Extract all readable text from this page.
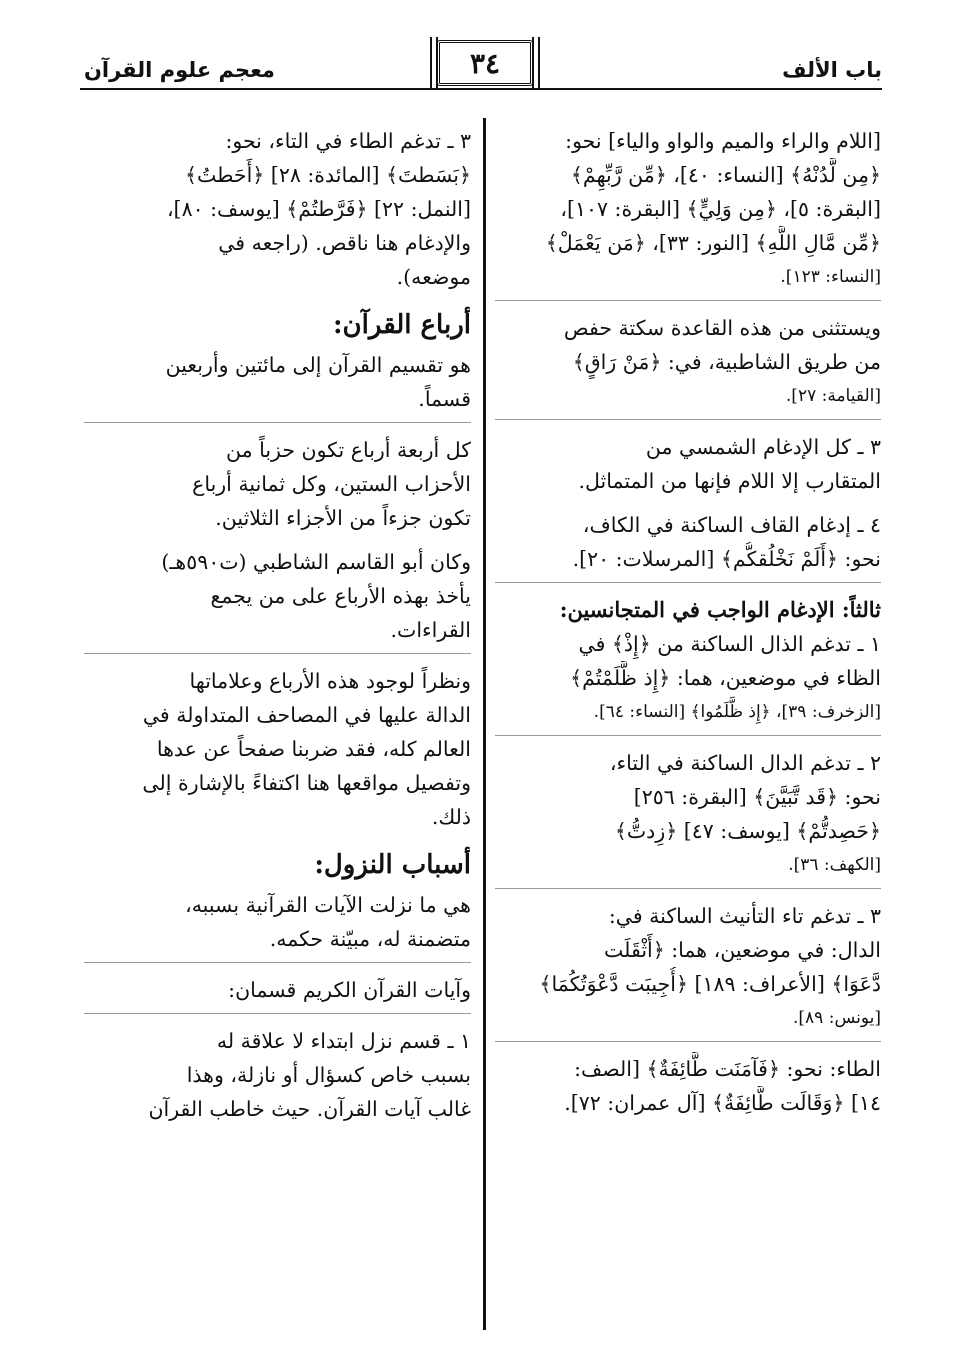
باب الألف
٣٤
معجم علوم القرآن
[اللام والراء والميم والواو والياء] نحو:
﴿مِن لَّدُنْهُ﴾ [النساء: ٤٠]، ﴿مِّن رَّبِّهِمْ﴾
[البقرة: ٥]، ﴿مِن وَلِيٍّ﴾ [البقرة: ١٠٧]،
﴿مِّن مَّالِ اللَّهِ﴾ [النور: ٣٣]، ﴿مَن يَعْمَلْ﴾
[النساء: ١٢٣].
ويستثنى من هذه القاعدة سكتة حفص
من طريق الشاطبية، في: ﴿مَنْ رَاقٍ﴾
[القيامة: ٢٧].
٣ ـ كل الإدغام الشمسي من
المتقارب إلا اللام فإنها من المتماثل.
٤ ـ إدغام القاف الساكنة في الكاف،
نحو: ﴿أَلَمْ نَخْلُقكُّم﴾ [المرسلات: ٢٠].
ثالثاً: الإدغام الواجب في المتجانسين:
١ ـ تدغم الذال الساكنة من ﴿إِذْ﴾ في
الظاء في موضعين، هما: ﴿إِذ ظَّلَمْتُمْ﴾
[الزخرف: ٣٩]، ﴿إِذ ظَّلَمُوا﴾ [النساء: ٦٤].
٢ ـ تدغم الدال الساكنة في التاء،
نحو: ﴿قَد تَّبَيَّنَ﴾ [البقرة: ٢٥٦]
﴿حَصِدتُّمْ﴾ [يوسف: ٤٧] ﴿زِدتُّ﴾
[الكهف: ٣٦].
٣ ـ تدغم تاء التأنيث الساكنة في:
الدال: في موضعين، هما: ﴿أَثْقَلَت
دَّعَوَا﴾ [الأعراف: ١٨٩] ﴿أُجِيبَت دَّعْوَتُكُمَا﴾
[يونس: ٨٩].
الطاء: نحو: ﴿فَآمَنَت طَّائِفَةٌ﴾ [الصف:
١٤] ﴿وَقَالَت طَّائِفَةٌ﴾ [آل عمران: ٧٢].
٣ ـ تدغم الطاء في التاء، نحو:
﴿بَسَطتَ﴾ [المائدة: ٢٨] ﴿أَحَطتُ﴾
[النمل: ٢٢] ﴿فَرَّطتُمْ﴾ [يوسف: ٨٠]،
والإدغام هنا ناقص. (راجعه في
موضعه).
أرباع القرآن:
هو تقسيم القرآن إلى مائتين وأربعين
قسماً.
كل أربعة أرباع تكون حزباً من
الأحزاب الستين، وكل ثمانية أرباع
تكون جزءاً من الأجزاء الثلاثين.
وكان أبو القاسم الشاطبي (ت٥٩٠هـ)
يأخذ بهذه الأرباع على من يجمع
القراءات.
ونظراً لوجود هذه الأرباع وعلاماتها
الدالة عليها في المصاحف المتداولة في
العالم كله، فقد ضربنا صفحاً عن عدها
وتفصيل مواقعها هنا اكتفاءً بالإشارة إلى
ذلك.
أسباب النزول:
هي ما نزلت الآيات القرآنية بسببه،
متضمنة له، مبيّنة حكمه.
وآيات القرآن الكريم قسمان:
١ ـ قسم نزل ابتداء لا علاقة له
بسبب خاص كسؤال أو نازلة، وهذا
غالب آيات القرآن. حيث خاطب القرآن
